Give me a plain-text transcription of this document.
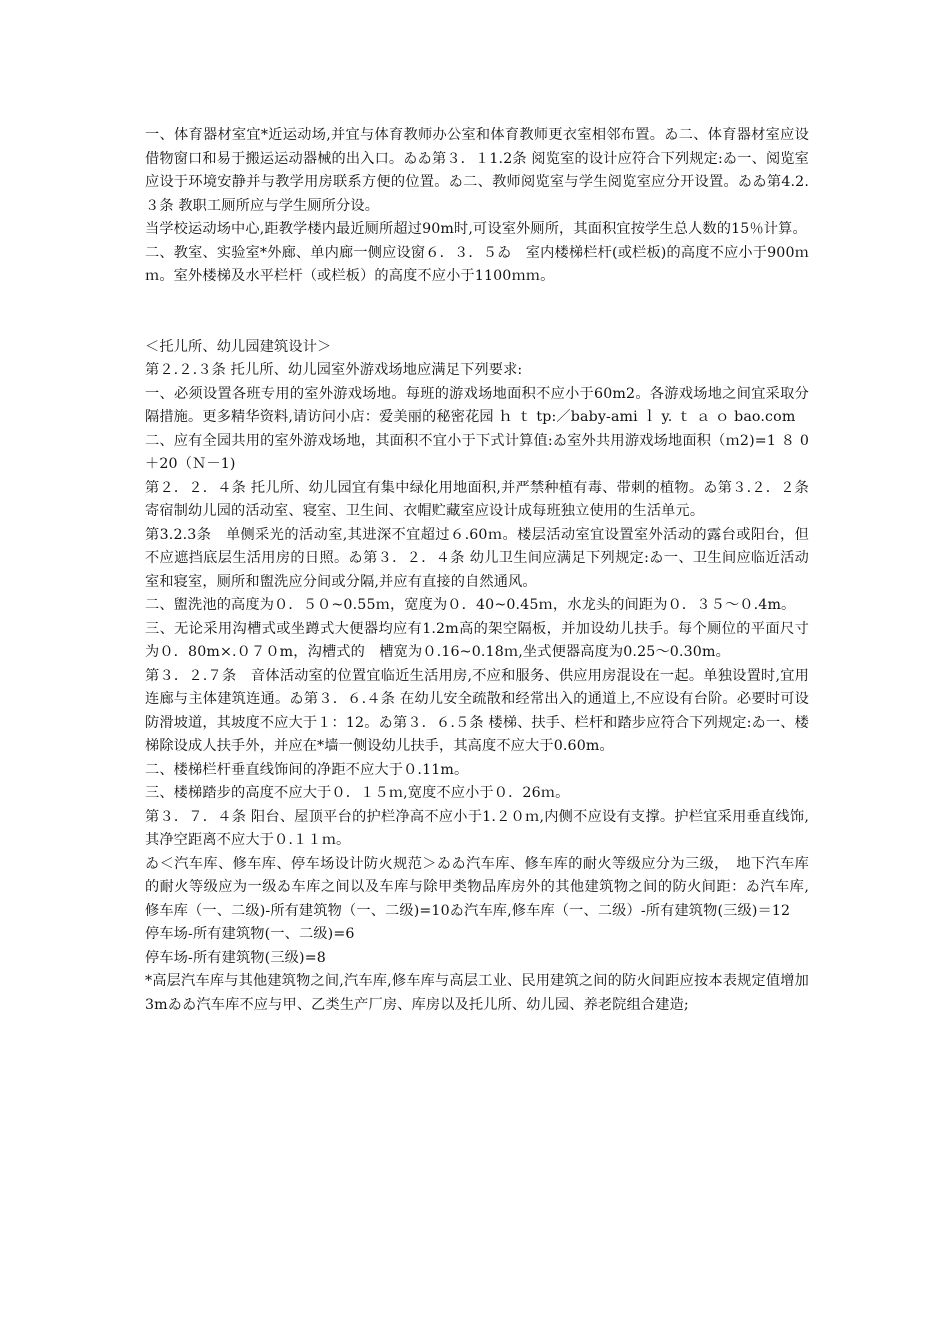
一、体育器材室宜*近运动场,并宜与体育教师办公室和体育教师更衣室相邻布置。ゐ二、体育器材室应设借物窗口和易于搬运运动器械的出入口。ゐゐ第３．１1.2条 阅览室的设计应符合下列规定:ゐ一、阅览室应设于环境安静并与教学用房联系方便的位置。ゐ二、教师阅览室与学生阅览室应分开设置。ゐゐ第4.2.３条 教职工厕所应与学生厕所分设。

当学校运动场中心,距教学楼内最近厕所超过90m时,可设室外厕所，其面积宜按学生总人数的15％计算。

二、教室、实验室*外廊、单内廊一侧应设窗６．３．５ゐ　室内楼梯栏杆(或栏板)的高度不应小于900ｍｍ。室外楼梯及水平栏杆（或栏板）的高度不应小于1100ｍｍ。

＜托儿所、幼儿园建筑设计＞

第２.２.３条 托儿所、幼儿园室外游戏场地应满足下列要求:

一、必须设置各班专用的室外游戏场地。每班的游戏场地面积不应小于60m2。各游戏场地之间宜采取分隔措施。更多精华资料,请访问小店：爱美丽的秘密花园 ｈ ｔ tp:／baby-ami ｌ y. ｔ ａ ｏ bao.com

二、应有全园共用的室外游戏场地，其面积不宜小于下式计算值:ゐ室外共用游戏场地面积（ｍ2)=1 ８ 0＋20（Ｎ－1)

第２．２．４条 托儿所、幼儿园宜有集中绿化用地面积,并严禁种植有毒、带刺的植物。ゐ第３.２．２条 寄宿制幼儿园的活动室、寝室、卫生间、衣帽贮藏室应设计成每班独立使用的生活单元。

第3.2.3条　单侧采光的活动室,其进深不宜超过６.60ｍ。楼层活动室宜设置室外活动的露台或阳台，但不应遮挡底层生活用房的日照。ゐ第３．２．４条 幼儿卫生间应满足下列规定:ゐ一、卫生间应临近活动室和寝室，厕所和盥洗应分间或分隔,并应有直接的自然通风。

二、盥洗池的高度为０．５０~0.55ｍ，宽度为０．40~0.45ｍ，水龙头的间距为０．３５～０.4m。

三、无论采用沟槽式或坐蹲式大便器均应有1.2m高的架空隔板，并加设幼儿扶手。每个厕位的平面尺寸为０．80m×.０７０m，沟槽式的　槽宽为０.16~0.18ｍ,坐式便器高度为0.25～0.30m。

第３．２.７条　音体活动室的位置宜临近生活用房,不应和服务、供应用房混设在一起。单独设置时,宜用连廊与主体建筑连通。ゐ第３．６.４条 在幼儿安全疏散和经常出入的通道上,不应设有台阶。必要时可设防滑坡道，其坡度不应大于１：12。ゐ第３．６.５条 楼梯、扶手、栏杆和踏步应符合下列规定:ゐ一、楼梯除设成人扶手外，并应在*墙一侧设幼儿扶手，其高度不应大于0.60m。

二、楼梯栏杆垂直线饰间的净距不应大于０.11m。

三、楼梯踏步的高度不应大于０．１５ｍ,宽度不应小于０．26ｍ。

第３．７．４条 阳台、屋顶平台的护栏净高不应小于1.２０ｍ,内侧不应设有支撑。护栏宜采用垂直线饰,其净空距离不应大于０.１１ｍ。

ゐ＜汽车库、修车库、停车场设计防火规范＞ゐゐ汽车库、修车库的耐火等级应分为三级，　地下汽车库的耐火等级应为一级ゐ车库之间以及车库与除甲类物品库房外的其他建筑物之间的防火间距：ゐ汽车库,修车库（一、二级)-所有建筑物（一、二级)=10ゐ汽车库,修车库（一、二级）-所有建筑物(三级)＝12

停车场-所有建筑物(一、二级)=6

停车场-所有建筑物(三级)=8

*高层汽车库与其他建筑物之间,汽车库,修车库与高层工业、民用建筑之间的防火间距应按本表规定值增加3mゐゐ汽车库不应与甲、乙类生产厂房、库房以及托儿所、幼儿园、养老院组合建造;
